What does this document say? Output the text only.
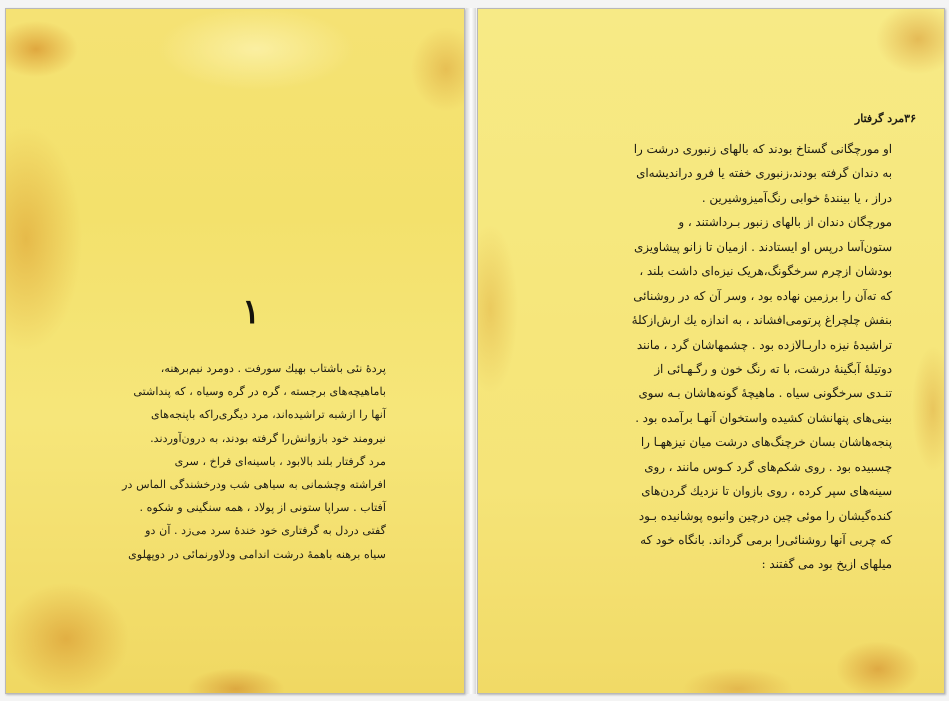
۱
پردهٔ نئی باشتاب بهیك سورفت . دومرد نیم‌برهنه،
باماهیچه‌های برجسته ، گره در گره وسیاه ، که پنداشتی
آنها را ازشبه تراشیده‌اند، مرد دیگری‌راکه باپنجه‌های
نیرومند خود بازوانش‌را گرفته بودند، به درون‌آوردند.
مرد گرفتار بلند بالابود ، باسینه‌ای فراخ ، سری
افراشته وچشمانی به سیاهی شب ودرخشندگی الماس در
آفتاب . سراپا ستونی از پولاد ، همه سنگینی و شکوه .
گفتی دردل به گرفتاری خود خندهٔ سرد می‌زد . آن دو
سیاه برهنه باهمهٔ درشت اندامی ودلاورنمائی در دوپهلوی
۳۶مرد گرفتار
او مورچگانی گستاخ بودند که بالهای زنبوری درشت را
به دندان گرفته بودند،زنبوری خفته یا فرو دراندیشه‌ای
دراز ، یا بینندهٔ خوابی رنگ‌آمیزوشیرین .
مورچگان دندان از بالهای زنبور بـرداشتند ، و
ستون‌آسا درپس او ایستادند . ازمیان تا زانو پیشاویزی
بودشان ازچرم سرخگونگ،هریک نیزه‌ای داشت بلند ،
که ته‌آن را برزمین نهاده بود ، وسر آن که در روشنائی
بنفش چلچراغ پرتومی‌افشاند ، به اندازه یك ارش‌ازکلهٔ
تراشیدهٔ نیزه داربـالازده بود . چشمهاشان گرد ، مانند
دوتیلهٔ آبگینهٔ درشت، با ته رنگ خون و رگـهـائی از
تنـدی سرخگونی سیاه . ماهیچهٔ گونه‌هاشان بـه سوی
بینی‌های پنهانشان کشیده واستخوان آنهـا برآمده بود .
پنجه‌هاشان بسان خرچنگ‌های درشت میان نیزههـا را
چسبیده بود . روی شکم‌های گرد کـوس مانند ، روی
سینه‌های سپر کرده ، روی بازوان تا نزدیك گردن‌های
کنده‌گیشان را موئی چین درچین وانبوه پوشانیده بـود
که چربی آنها روشنائی‌را برمی گرداند. بانگاه خود که
میلهای ازیخ بود می گفتند :
